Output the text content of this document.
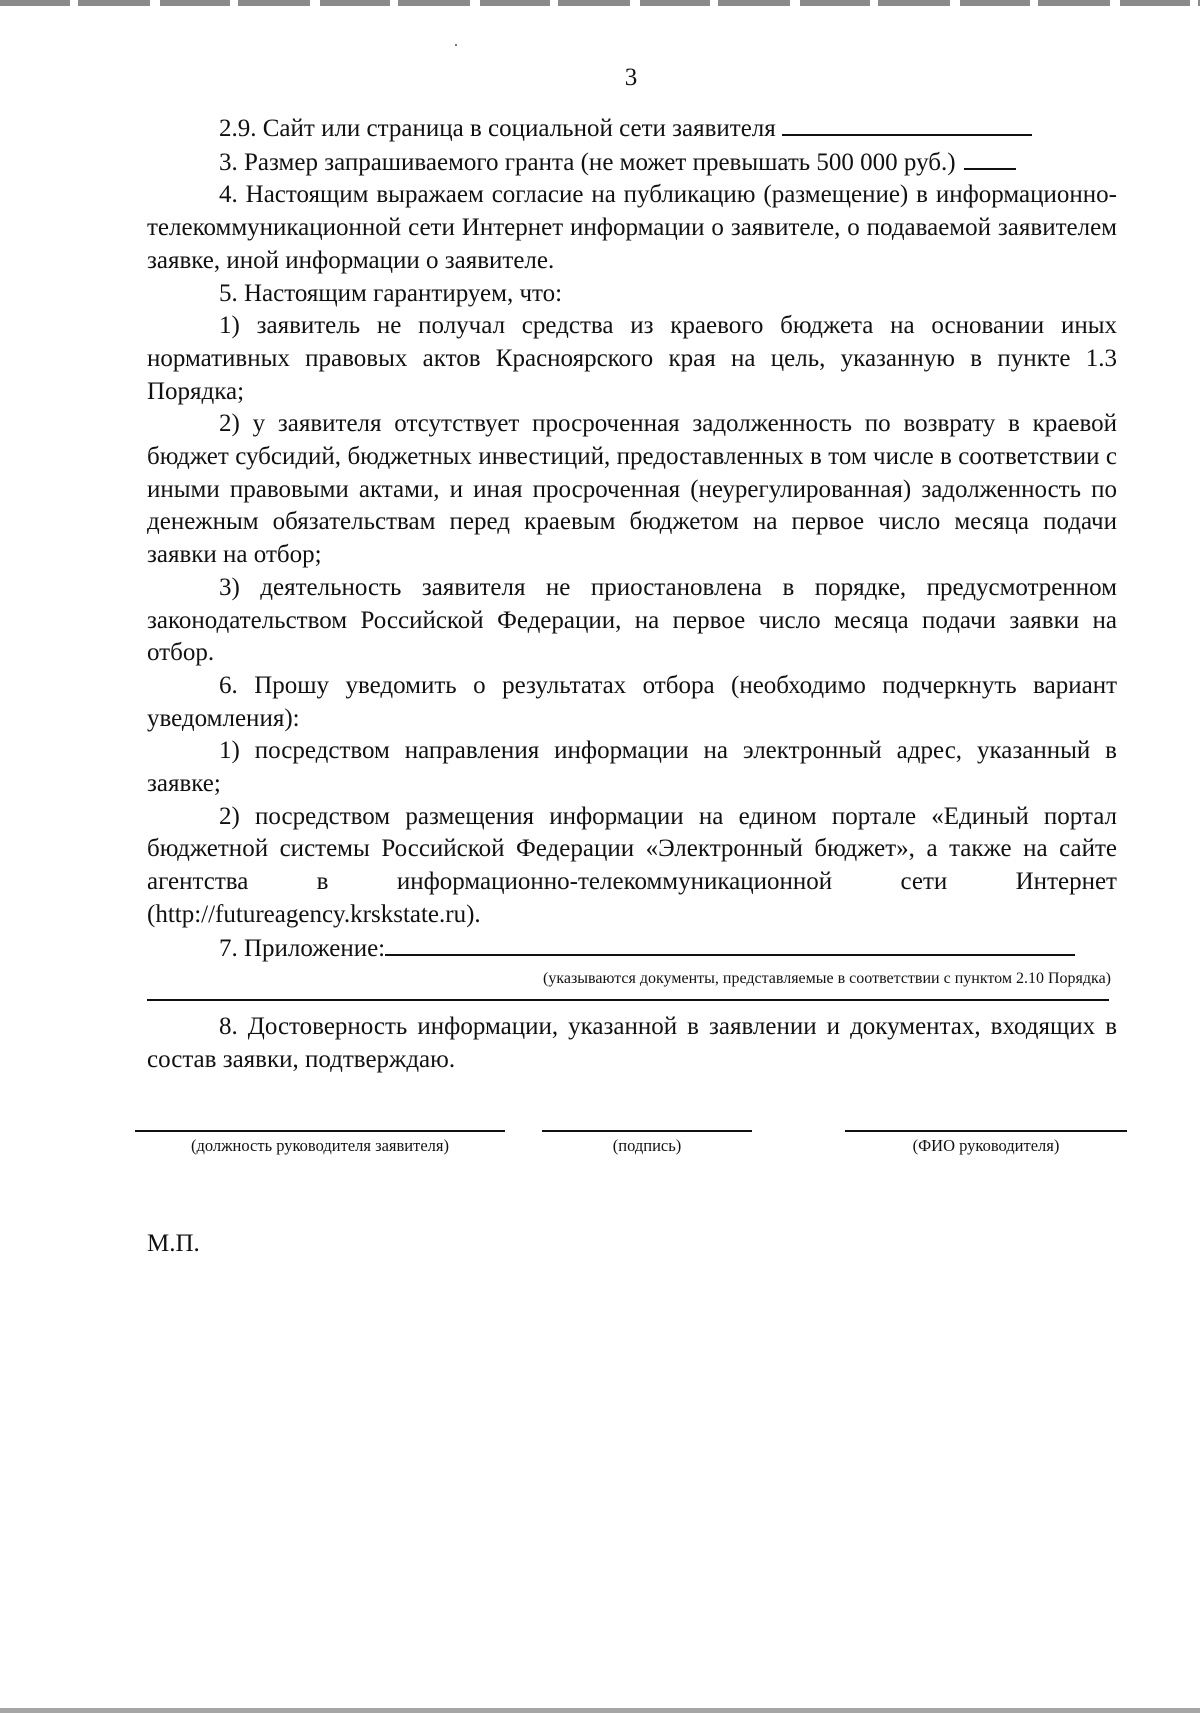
3

2.9. Сайт или страница в социальной сети заявителя

3. Размер запрашиваемого гранта (не может превышать 500 000 руб.)

4. Настоящим выражаем согласие на публикацию (размещение) в информационно-телекоммуникационной сети Интернет информации о заявителе, о подаваемой заявителем заявке, иной информации о заявителе.

5. Настоящим гарантируем, что:

1) заявитель не получал средства из краевого бюджета на основании иных нормативных правовых актов Красноярского края на цель, указанную в пункте 1.3 Порядка;

2) у заявителя отсутствует просроченная задолженность по возврату в краевой бюджет субсидий, бюджетных инвестиций, предоставленных в том числе в соответствии с иными правовыми актами, и иная просроченная (неурегулированная) задолженность по денежным обязательствам перед краевым бюджетом на первое число месяца подачи заявки на отбор;

3) деятельность заявителя не приостановлена в порядке, предусмотренном законодательством Российской Федерации, на первое число месяца подачи заявки на отбор.

6. Прошу уведомить о результатах отбора (необходимо подчеркнуть вариант уведомления):

1) посредством направления информации на электронный адрес, указанный в заявке;

2) посредством размещения информации на едином портале «Единый портал бюджетной системы Российской Федерации «Электронный бюджет», а также на сайте агентства в информационно-телекоммуникационной сети Интернет (http://futureagency.krskstate.ru).

7. Приложение:

(указываются документы, представляемые в соответствии с пунктом 2.10 Порядка)

8. Достоверность информации, указанной в заявлении и документах, входящих в состав заявки, подтверждаю.

(должность руководителя заявителя)	(подпись)	(ФИО руководителя)
М.П.
